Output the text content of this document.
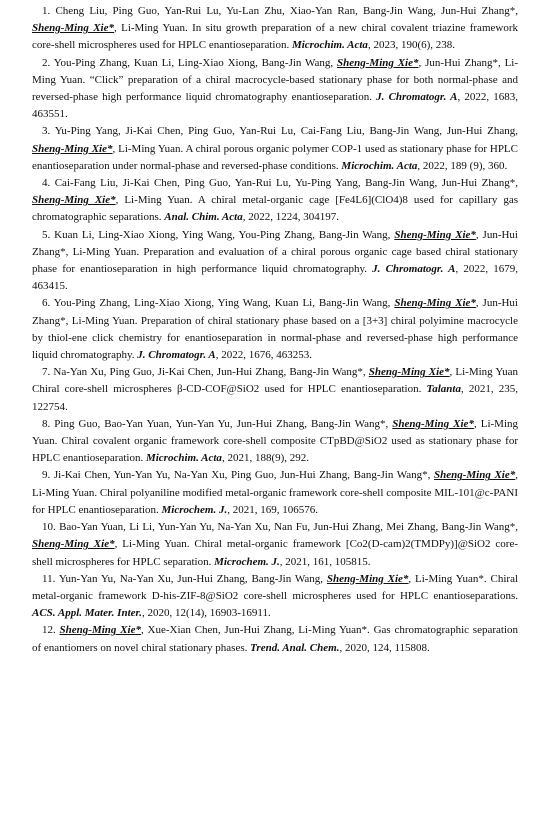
1. Cheng Liu, Ping Guo, Yan-Rui Lu, Yu-Lan Zhu, Xiao-Yan Ran, Bang-Jin Wang, Jun-Hui Zhang*, Sheng-Ming Xie*, Li-Ming Yuan. In situ growth preparation of a new chiral covalent triazine framework core-shell microspheres used for HPLC enantioseparation. Microchim. Acta, 2023, 190(6), 238.

2. You-Ping Zhang, Kuan Li, Ling-Xiao Xiong, Bang-Jin Wang, Sheng-Ming Xie*, Jun-Hui Zhang*, Li-Ming Yuan. “Click” preparation of a chiral macrocycle-based stationary phase for both normal-phase and reversed-phase high performance liquid chromatography enantioseparation. J. Chromatogr. A, 2022, 1683, 463551.

3. Yu-Ping Yang, Ji-Kai Chen, Ping Guo, Yan-Rui Lu, Cai-Fang Liu, Bang-Jin Wang, Jun-Hui Zhang, Sheng-Ming Xie*, Li-Ming Yuan. A chiral porous organic polymer COP-1 used as stationary phase for HPLC enantioseparation under normal-phase and reversed-phase conditions. Microchim. Acta, 2022, 189 (9), 360.

4. Cai-Fang Liu, Ji-Kai Chen, Ping Guo, Yan-Rui Lu, Yu-Ping Yang, Bang-Jin Wang, Jun-Hui Zhang*, Sheng-Ming Xie*, Li-Ming Yuan. A chiral metal-organic cage [Fe4L6](ClO4)8 used for capillary gas chromatographic separations. Anal. Chim. Acta, 2022, 1224, 304197.

5. Kuan Li, Ling-Xiao Xiong, Ying Wang, You-Ping Zhang, Bang-Jin Wang, Sheng-Ming Xie*, Jun-Hui Zhang*, Li-Ming Yuan. Preparation and evaluation of a chiral porous organic cage based chiral stationary phase for enantioseparation in high performance liquid chromatography. J. Chromatogr. A, 2022, 1679, 463415.

6. You-Ping Zhang, Ling-Xiao Xiong, Ying Wang, Kuan Li, Bang-Jin Wang, Sheng-Ming Xie*, Jun-Hui Zhang*, Li-Ming Yuan. Preparation of chiral stationary phase based on a [3+3] chiral polyimine macrocycle by thiol-ene click chemistry for enantioseparation in normal-phase and reversed-phase high performance liquid chromatography. J. Chromatogr. A, 2022, 1676, 463253.

7. Na-Yan Xu, Ping Guo, Ji-Kai Chen, Jun-Hui Zhang, Bang-Jin Wang*, Sheng-Ming Xie*, Li-Ming Yuan Chiral core-shell microspheres β-CD-COF@SiO2 used for HPLC enantioseparation. Talanta, 2021, 235, 122754.

8. Ping Guo, Bao-Yan Yuan, Yun-Yan Yu, Jun-Hui Zhang, Bang-Jin Wang*, Sheng-Ming Xie*, Li-Ming Yuan. Chiral covalent organic framework core-shell composite CTpBD@SiO2 used as stationary phase for HPLC enantioseparation. Microchim. Acta, 2021, 188(9), 292.

9. Ji-Kai Chen, Yun-Yan Yu, Na-Yan Xu, Ping Guo, Jun-Hui Zhang, Bang-Jin Wang*, Sheng-Ming Xie*, Li-Ming Yuan. Chiral polyaniline modified metal-organic framework core-shell composite MIL-101@c-PANI for HPLC enantioseparation. Microchem. J., 2021, 169, 106576.

10. Bao-Yan Yuan, Li Li, Yun-Yan Yu, Na-Yan Xu, Nan Fu, Jun-Hui Zhang, Mei Zhang, Bang-Jin Wang*, Sheng-Ming Xie*, Li-Ming Yuan. Chiral metal-organic framework [Co2(D-cam)2(TMDPy)]@SiO2 core-shell microspheres for HPLC separation. Microchem. J., 2021, 161, 105815.

11. Yun-Yan Yu, Na-Yan Xu, Jun-Hui Zhang, Bang-Jin Wang, Sheng-Ming Xie*, Li-Ming Yuan*. Chiral metal-organic framework D-his-ZIF-8@SiO2 core-shell microspheres used for HPLC enantioseparations. ACS. Appl. Mater. Inter., 2020, 12(14), 16903-16911.

12. Sheng-Ming Xie*, Xue-Xian Chen, Jun-Hui Zhang, Li-Ming Yuan*. Gas chromatographic separation of enantiomers on novel chiral stationary phases. Trend. Anal. Chem., 2020, 124, 115808.
